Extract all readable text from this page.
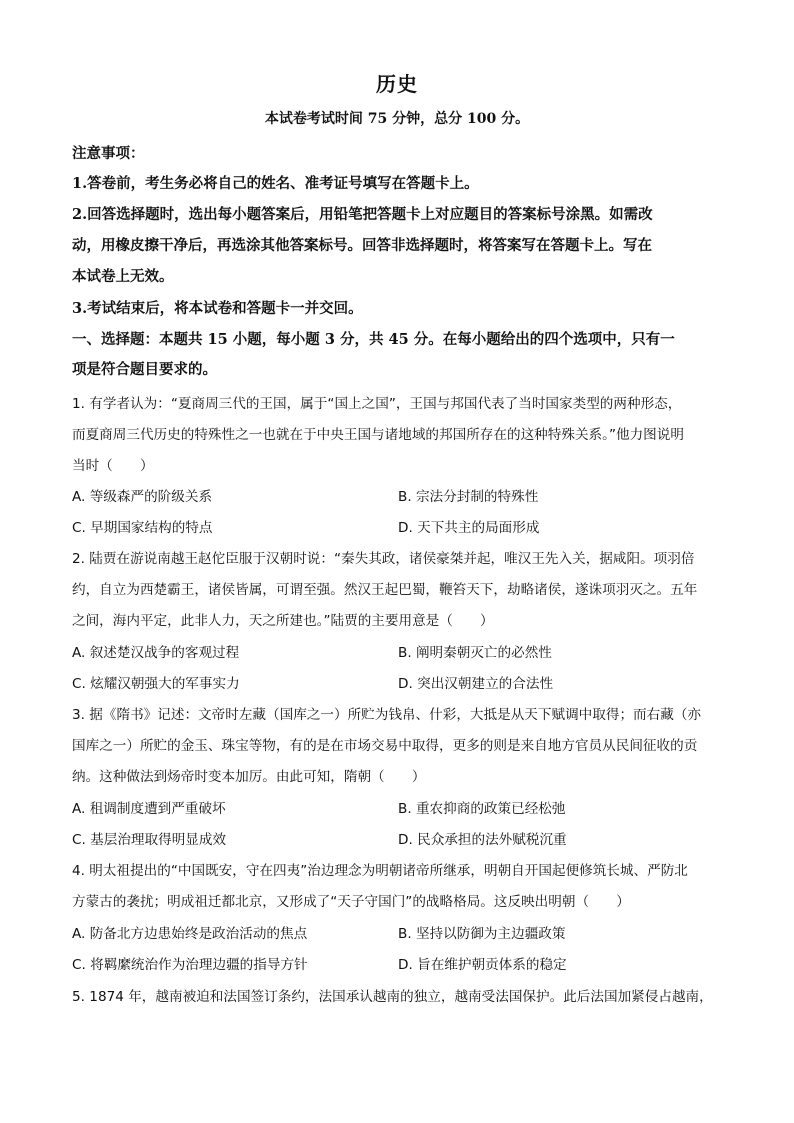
历史
本试卷考试时间 75 分钟，总分 100 分。
注意事项：
1.答卷前，考生务必将自己的姓名、准考证号填写在答题卡上。
2.回答选择题时，选出每小题答案后，用铅笔把答题卡上对应题目的答案标号涂黑。如需改
动，用橡皮擦干净后，再选涂其他答案标号。回答非选择题时，将答案写在答题卡上。写在
本试卷上无效。
3.考试结束后，将本试卷和答题卡一并交回。
一、选择题：本题共 15 小题，每小题 3 分，共 45 分。在每小题给出的四个选项中，只有一
项是符合题目要求的。
1. 有学者认为：“夏商周三代的王国，属于“国上之国”，王国与邦国代表了当时国家类型的两种形态，
而夏商周三代历史的特殊性之一也就在于中央王国与诸地域的邦国所存在的这种特殊关系。”他力图说明
当时（　　）
A. 等级森严的阶级关系	B. 宗法分封制的特殊性
C. 早期国家结构的特点	D. 天下共主的局面形成
2. 陆贾在游说南越王赵佗臣服于汉朝时说：“秦失其政，诸侯豪桀并起，唯汉王先入关，据咸阳。项羽倍
约，自立为西楚霸王，诸侯皆属，可谓至强。然汉王起巴蜀，鞭笞天下，劫略诸侯，遂诛项羽灭之。五年
之间，海内平定，此非人力，天之所建也。”陆贾的主要用意是（　　）
A. 叙述楚汉战争的客观过程	B. 阐明秦朝灭亡的必然性
C. 炫耀汉朝强大的军事实力	D. 突出汉朝建立的合法性
3. 据《隋书》记述：文帝时左藏（国库之一）所贮为钱帛、什彩，大抵是从天下赋调中取得；而右藏（亦
国库之一）所贮的金玉、珠宝等物，有的是在市场交易中取得，更多的则是来自地方官员从民间征收的贡
纳。这种做法到炀帝时变本加厉。由此可知，隋朝（　　）
A. 租调制度遭到严重破坏	B. 重农抑商的政策已经松弛
C. 基层治理取得明显成效	D. 民众承担的法外赋税沉重
4. 明太祖提出的“中国既安，守在四夷”治边理念为明朝诸帝所继承，明朝自开国起便修筑长城、严防北
方蒙古的袭扰；明成祖迁都北京，又形成了“天子守国门”的战略格局。这反映出明朝（　　）
A. 防备北方边患始终是政治活动的焦点	B. 坚持以防御为主边疆政策
C. 将羁縻统治作为治理边疆的指导方针	D. 旨在维护朝贡体系的稳定
5. 1874 年，越南被迫和法国签订条约，法国承认越南的独立，越南受法国保护。此后法国加紧侵占越南，
